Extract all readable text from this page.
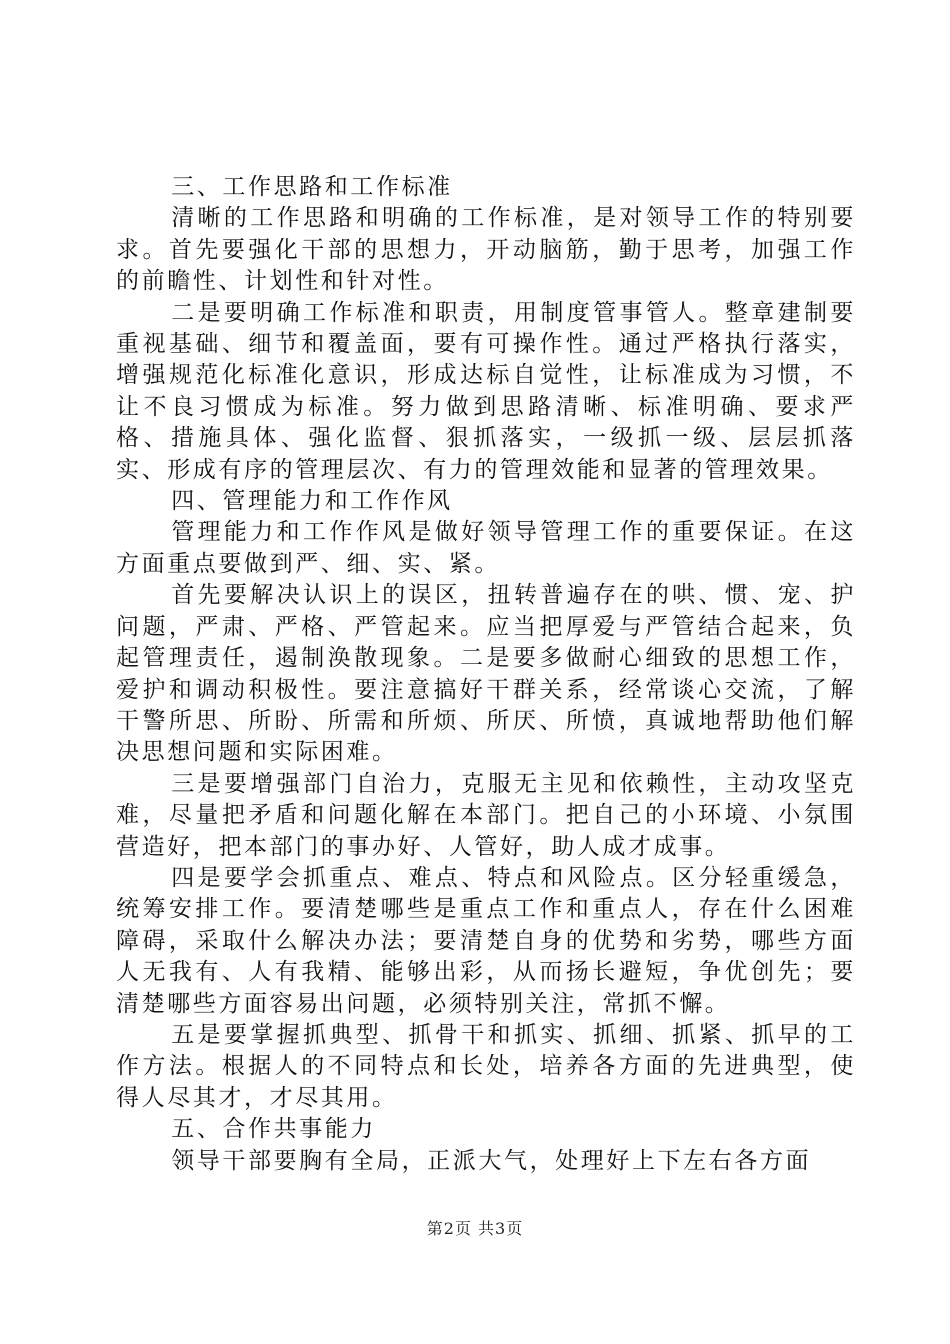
三、工作思路和工作标准

清晰的工作思路和明确的工作标准，是对领导工作的特别要求。首先要强化干部的思想力，开动脑筋，勤于思考，加强工作的前瞻性、计划性和针对性。

二是要明确工作标准和职责，用制度管事管人。整章建制要重视基础、细节和覆盖面，要有可操作性。通过严格执行落实，增强规范化标准化意识，形成达标自觉性，让标准成为习惯，不让不良习惯成为标准。努力做到思路清晰、标准明确、要求严格、措施具体、强化监督、狠抓落实，一级抓一级、层层抓落实、形成有序的管理层次、有力的管理效能和显著的管理效果。

四、管理能力和工作作风

管理能力和工作作风是做好领导管理工作的重要保证。在这方面重点要做到严、细、实、紧。

首先要解决认识上的误区，扭转普遍存在的哄、惯、宠、护问题，严肃、严格、严管起来。应当把厚爱与严管结合起来，负起管理责任，遏制涣散现象。二是要多做耐心细致的思想工作，爱护和调动积极性。要注意搞好干群关系，经常谈心交流，了解干警所思、所盼、所需和所烦、所厌、所愤，真诚地帮助他们解决思想问题和实际困难。

三是要增强部门自治力，克服无主见和依赖性，主动攻坚克难，尽量把矛盾和问题化解在本部门。把自己的小环境、小氛围营造好，把本部门的事办好、人管好，助人成才成事。

四是要学会抓重点、难点、特点和风险点。区分轻重缓急，统筹安排工作。要清楚哪些是重点工作和重点人，存在什么困难障碍，采取什么解决办法；要清楚自身的优势和劣势，哪些方面人无我有、人有我精、能够出彩，从而扬长避短，争优创先；要清楚哪些方面容易出问题，必须特别关注，常抓不懈。

五是要掌握抓典型、抓骨干和抓实、抓细、抓紧、抓早的工作方法。根据人的不同特点和长处，培养各方面的先进典型，使得人尽其才，才尽其用。

五、合作共事能力

领导干部要胸有全局，正派大气，处理好上下左右各方面

第2页 共3页
